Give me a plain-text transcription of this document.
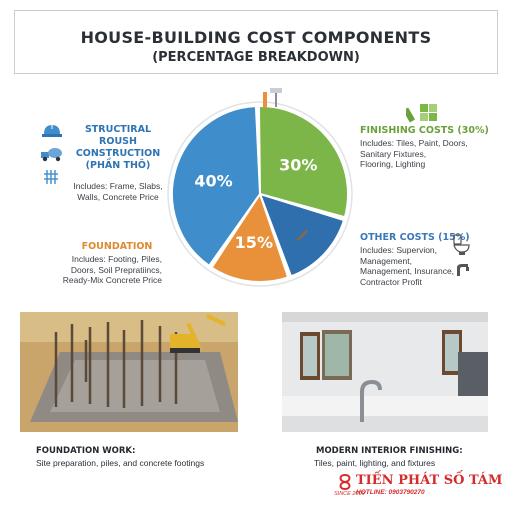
HOUSE-BUILDING COST COMPONENTS
(PERCENTAGE BREAKDOWN)
30%
15%
40%
STRUCTIRAL ROUSH
CONSTRUCTION
(PHẦN THÔ)
Includes: Frame, Slabs,
Walls, Concrete Price
FOUNDATION
Includes: Footing, Piles,
Doors, Soil Prepratiincs,
Ready-Mix Concrete Price
FINISHING COSTS (30%)
Includes: Tiles, Paint, Doors,
Sanitary Fixtures,
Flooring, Lighting
OTHER COSTS (15%)
Includes: Supervion,
Management,
Management, Insurance,
Contractor Profit
FOUNDATION WORK:
Site preparation, piles, and concrete footings
MODERN INTERIOR FINISHING:
Tiles, paint, lighting, and fixtures
TIẾN PHÁT SỐ TÁM
HOTLINE: 0903790270
SINCE 2009
